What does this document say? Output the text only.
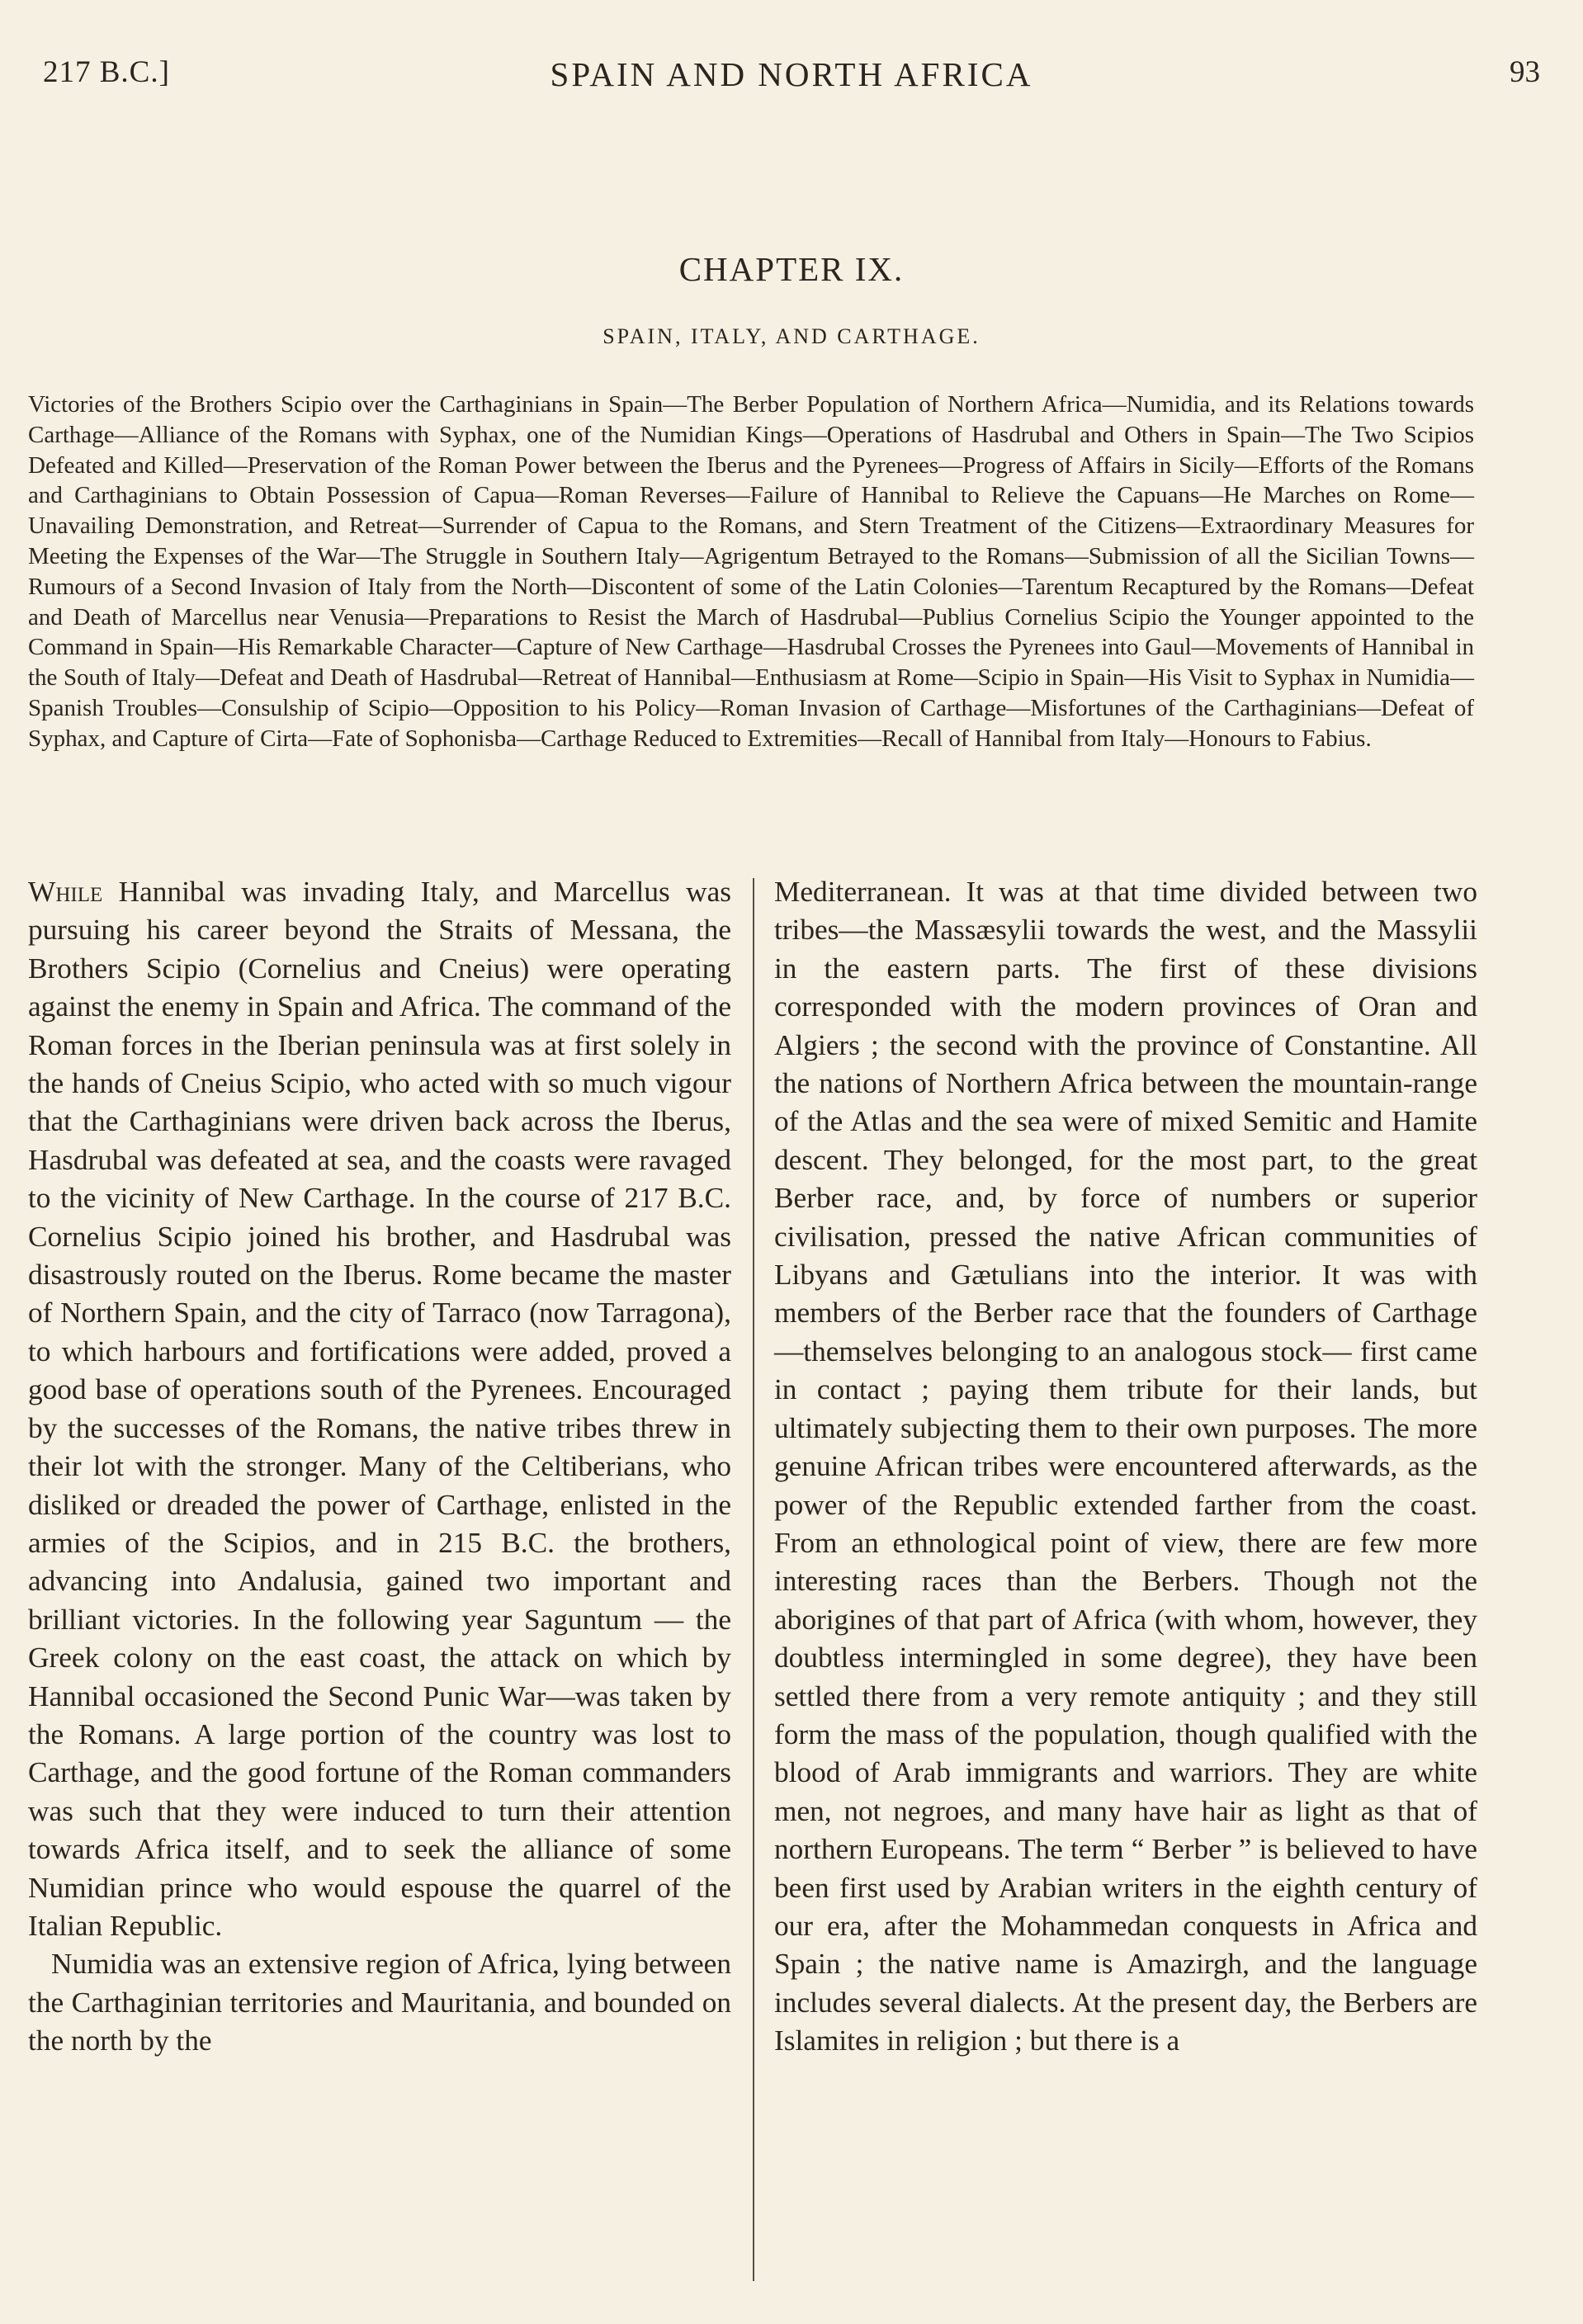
217 B.C.]	SPAIN AND NORTH AFRICA	93
CHAPTER IX.
SPAIN, ITALY, AND CARTHAGE.

Victories of the Brothers Scipio over the Carthaginians in Spain—The Berber Population of Northern Africa—Numidia, and its Relations towards Carthage—Alliance of the Romans with Syphax, one of the Numidian Kings—Operations of Hasdrubal and Others in Spain—The Two Scipios Defeated and Killed—Preservation of the Roman Power between the Iberus and the Pyrenees—Progress of Affairs in Sicily—Efforts of the Romans and Carthaginians to Obtain Possession of Capua—Roman Reverses—Failure of Hannibal to Relieve the Capuans—He Marches on Rome—Unavailing Demonstration, and Retreat—Surrender of Capua to the Romans, and Stern Treatment of the Citizens—Extraordinary Measures for Meeting the Expenses of the War—The Struggle in Southern Italy—Agrigentum Betrayed to the Romans—Submission of all the Sicilian Towns—Rumours of a Second Invasion of Italy from the North—Discontent of some of the Latin Colonies—Tarentum Recaptured by the Romans—Defeat and Death of Marcellus near Venusia—Preparations to Resist the March of Hasdrubal—Publius Cornelius Scipio the Younger appointed to the Command in Spain—His Remarkable Character—Capture of New Carthage—Hasdrubal Crosses the Pyrenees into Gaul—Movements of Hannibal in the South of Italy—Defeat and Death of Hasdrubal—Retreat of Hannibal—Enthusiasm at Rome—Scipio in Spain—His Visit to Syphax in Numidia—Spanish Troubles—Consulship of Scipio—Opposition to his Policy—Roman Invasion of Carthage—Misfortunes of the Carthaginians—Defeat of Syphax, and Capture of Cirta—Fate of Sophonisba—Carthage Reduced to Extremities—Recall of Hannibal from Italy—Honours to Fabius.

While Hannibal was invading Italy, and Marcellus was pursuing his career beyond the Straits of Messana, the Brothers Scipio (Cornelius and Cneius) were operating against the enemy in Spain and Africa. The command of the Roman forces in the Iberian peninsula was at first solely in the hands of Cneius Scipio, who acted with so much vigour that the Carthaginians were driven back across the Iberus, Hasdrubal was defeated at sea, and the coasts were ravaged to the vicinity of New Carthage. In the course of 217 B.C. Cornelius Scipio joined his brother, and Hasdrubal was disastrously routed on the Iberus. Rome became the master of Northern Spain, and the city of Tarraco (now Tarragona), to which harbours and fortifications were added, proved a good base of operations south of the Pyrenees. Encouraged by the successes of the Romans, the native tribes threw in their lot with the stronger. Many of the Celtiberians, who disliked or dreaded the power of Carthage, enlisted in the armies of the Scipios, and in 215 B.C. the brothers, advancing into Andalusia, gained two important and brilliant victories. In the following year Saguntum — the Greek colony on the east coast, the attack on which by Hannibal occasioned the Second Punic War—was taken by the Romans. A large portion of the country was lost to Carthage, and the good fortune of the Roman commanders was such that they were induced to turn their attention towards Africa itself, and to seek the alliance of some Numidian prince who would espouse the quarrel of the Italian Republic.

Numidia was an extensive region of Africa, lying between the Carthaginian territories and Mauritania, and bounded on the north by the

Mediterranean. It was at that time divided between two tribes—the Massæsylii towards the west, and the Massylii in the eastern parts. The first of these divisions corresponded with the modern provinces of Oran and Algiers ; the second with the province of Constantine. All the nations of Northern Africa between the mountain-range of the Atlas and the sea were of mixed Semitic and Hamite descent. They belonged, for the most part, to the great Berber race, and, by force of numbers or superior civilisation, pressed the native African communities of Libyans and Gætulians into the interior. It was with members of the Berber race that the founders of Carthage —themselves belonging to an analogous stock— first came in contact ; paying them tribute for their lands, but ultimately subjecting them to their own purposes. The more genuine African tribes were encountered afterwards, as the power of the Republic extended farther from the coast. From an ethnological point of view, there are few more interesting races than the Berbers. Though not the aborigines of that part of Africa (with whom, however, they doubtless intermingled in some degree), they have been settled there from a very remote antiquity ; and they still form the mass of the population, though qualified with the blood of Arab immigrants and warriors. They are white men, not negroes, and many have hair as light as that of northern Europeans. The term “ Berber ” is believed to have been first used by Arabian writers in the eighth century of our era, after the Mohammedan conquests in Africa and Spain ; the native name is Amazirgh, and the language includes several dialects. At the present day, the Berbers are Islamites in religion ; but there is a
